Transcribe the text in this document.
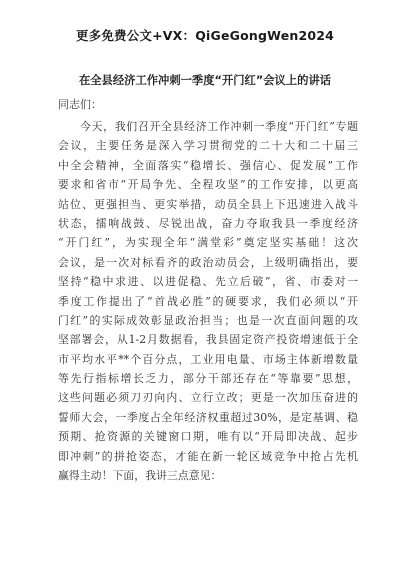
更多免费公文+VX：QiGeGongWen2024
在全县经济工作冲刺一季度“开门红”会议上的讲话
同志们：
今天，我们召开全县经济工作冲刺一季度“开门红”专题
会议，主要任务是深入学习贯彻党的二十大和二十届三
中全会精神，全面落实“稳增长、强信心、促发展”工作
要求和省市“开局争先、全程攻坚”的工作安排，以更高
站位、更强担当、更实举措，动员全县上下迅速进入战斗
状态，擂响战鼓、尽锐出战，奋力夺取我县一季度经济
“开门红”，为实现全年“满堂彩”奠定坚实基础！这次
会议，是一次对标看齐的政治动员会，上级明确指出，要
坚持“稳中求进、以进促稳、先立后破”，省、市委对一
季度工作提出了“首战必胜”的硬要求，我们必须以“开
门红”的实际成效彰显政治担当；也是一次直面问题的攻
坚部署会，从1-2月数据看，我县固定资产投资增速低于全
市平均水平**个百分点，工业用电量、市场主体新增数量
等先行指标增长乏力，部分干部还存在“等靠要”思想，
这些问题必须刀刃向内、立行立改；更是一次加压奋进的
誓师大会，一季度占全年经济权重超过30%，是定基调、稳
预期、抢资源的关键窗口期，唯有以“开局即决战、起步
即冲刺”的拼抢姿态，才能在新一轮区域竞争中抢占先机
赢得主动！下面，我讲三点意见：
